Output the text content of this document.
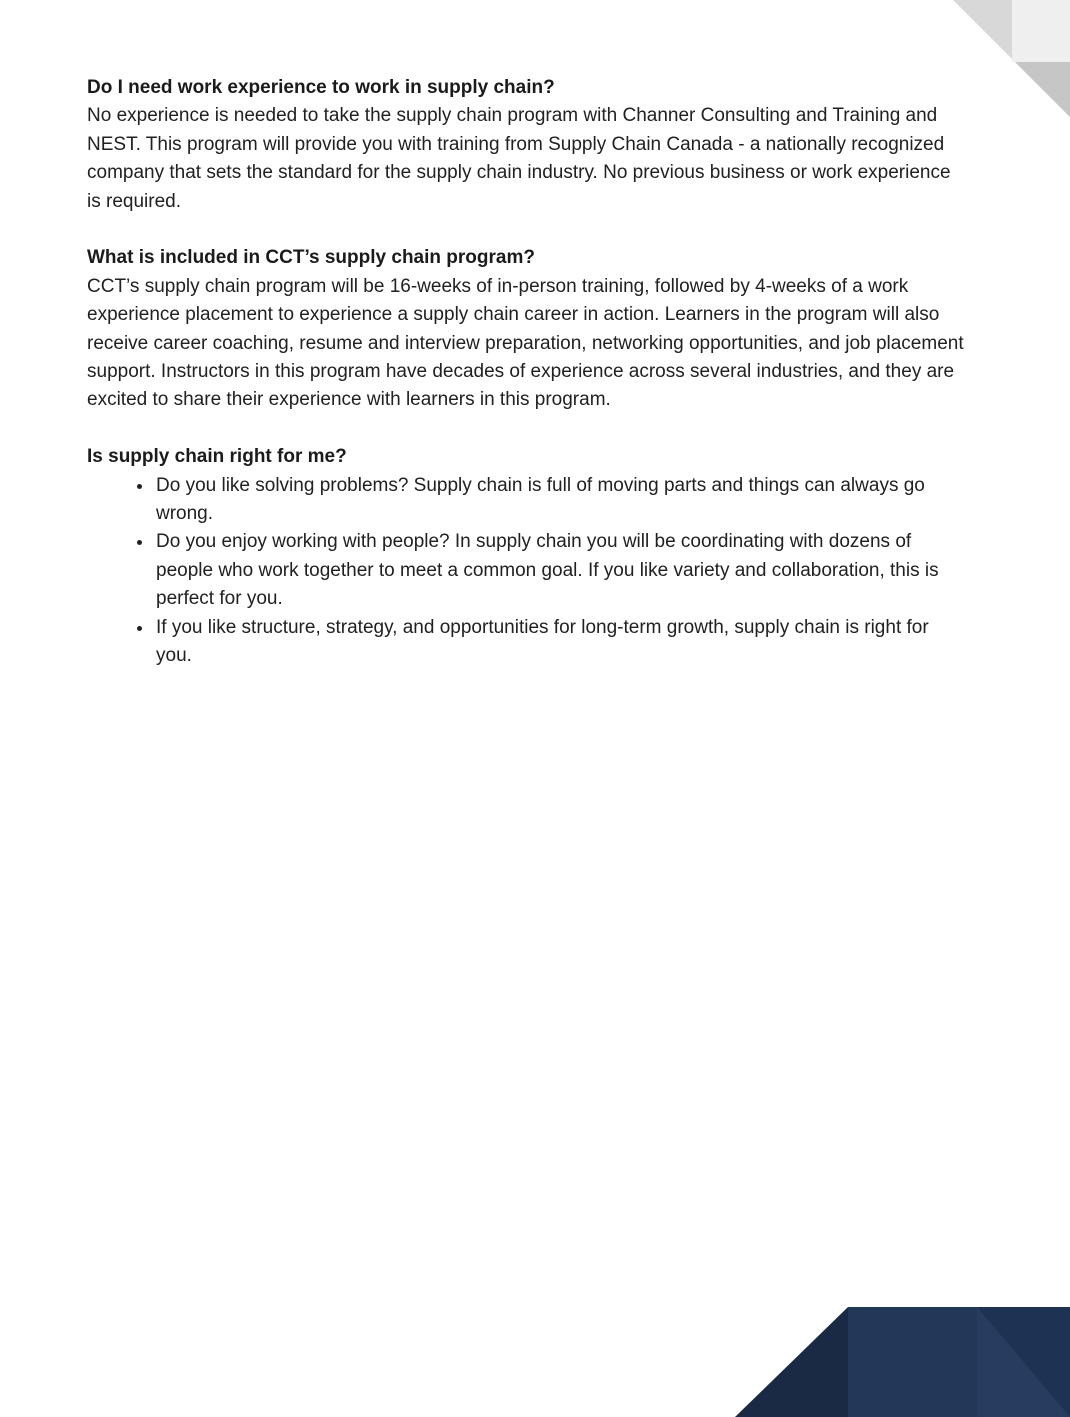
Do I need work experience to work in supply chain?

No experience is needed to take the supply chain program with Channer Consulting and Training and NEST. This program will provide you with training from Supply Chain Canada - a nationally recognized company that sets the standard for the supply chain industry. No previous business or work experience is required.

What is included in CCT’s supply chain program?

CCT’s supply chain program will be 16-weeks of in-person training, followed by 4-weeks of a work experience placement to experience a supply chain career in action. Learners in the program will also receive career coaching, resume and interview preparation, networking opportunities, and job placement support. Instructors in this program have decades of experience across several industries, and they are excited to share their experience with learners in this program.

Is supply chain right for me?
• Do you like solving problems? Supply chain is full of moving parts and things can always go wrong.
• Do you enjoy working with people? In supply chain you will be coordinating with dozens of people who work together to meet a common goal. If you like variety and collaboration, this is perfect for you.
• If you like structure, strategy, and opportunities for long-term growth, supply chain is right for you.
